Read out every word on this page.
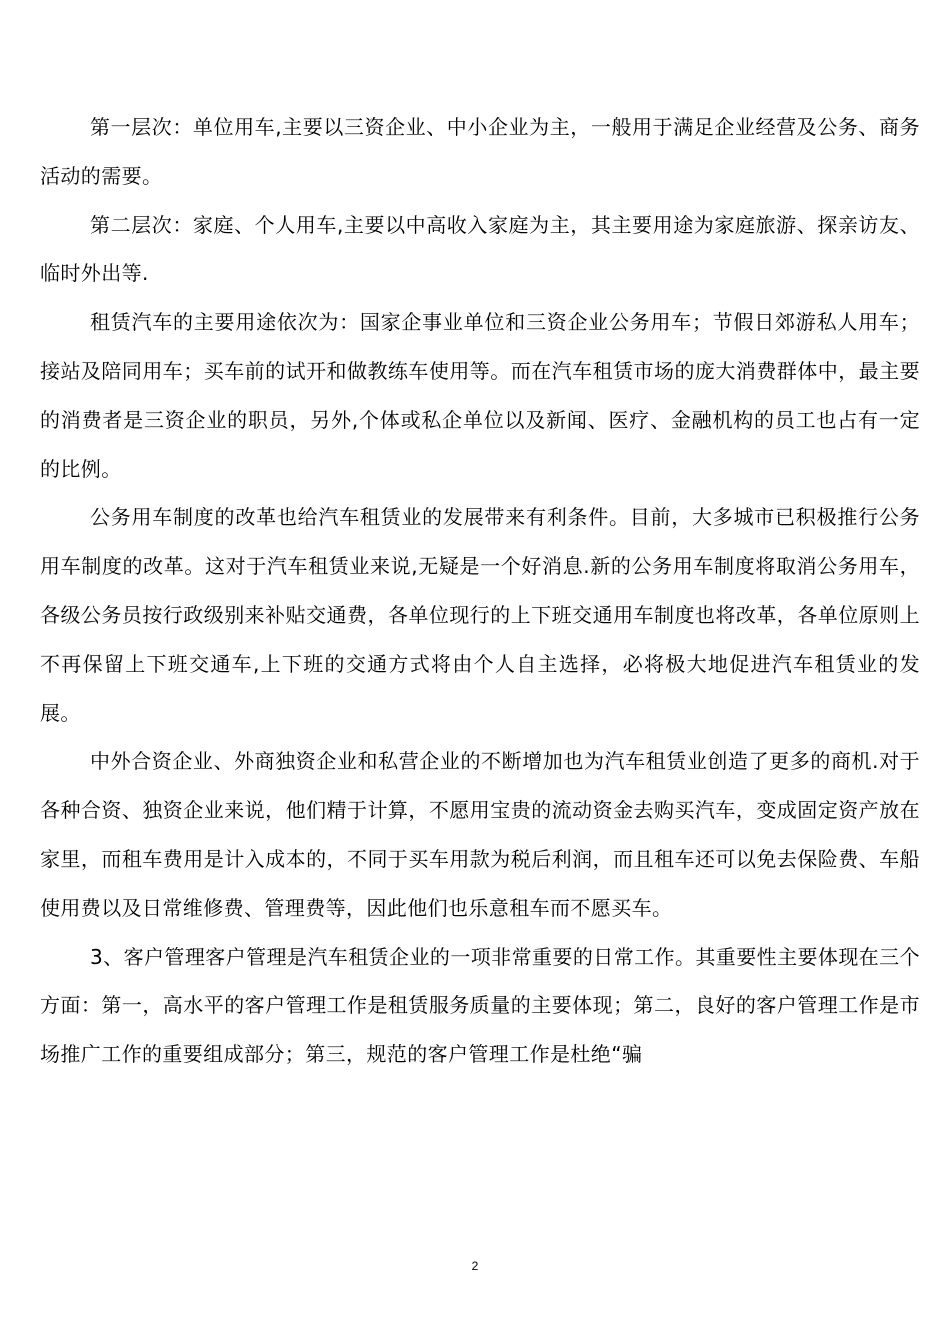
第一层次：单位用车,主要以三资企业、中小企业为主，一般用于满足企业经营及公务、商务活动的需要。

第二层次：家庭、个人用车,主要以中高收入家庭为主，其主要用途为家庭旅游、探亲访友、临时外出等.

租赁汽车的主要用途依次为：国家企事业单位和三资企业公务用车；节假日郊游私人用车；接站及陪同用车；买车前的试开和做教练车使用等。而在汽车租赁市场的庞大消费群体中，最主要的消费者是三资企业的职员，另外,个体或私企单位以及新闻、医疗、金融机构的员工也占有一定的比例。

公务用车制度的改革也给汽车租赁业的发展带来有利条件。目前，大多城市已积极推行公务用车制度的改革。这对于汽车租赁业来说,无疑是一个好消息.新的公务用车制度将取消公务用车，各级公务员按行政级别来补贴交通费，各单位现行的上下班交通用车制度也将改革，各单位原则上不再保留上下班交通车,上下班的交通方式将由个人自主选择，必将极大地促进汽车租赁业的发展。

中外合资企业、外商独资企业和私营企业的不断增加也为汽车租赁业创造了更多的商机.对于各种合资、独资企业来说，他们精于计算，不愿用宝贵的流动资金去购买汽车，变成固定资产放在家里，而租车费用是计入成本的，不同于买车用款为税后利润，而且租车还可以免去保险费、车船使用费以及日常维修费、管理费等，因此他们也乐意租车而不愿买车。

3、客户管理客户管理是汽车租赁企业的一项非常重要的日常工作。其重要性主要体现在三个方面：第一，高水平的客户管理工作是租赁服务质量的主要体现；第二，良好的客户管理工作是市场推广工作的重要组成部分；第三，规范的客户管理工作是杜绝“骗

2
